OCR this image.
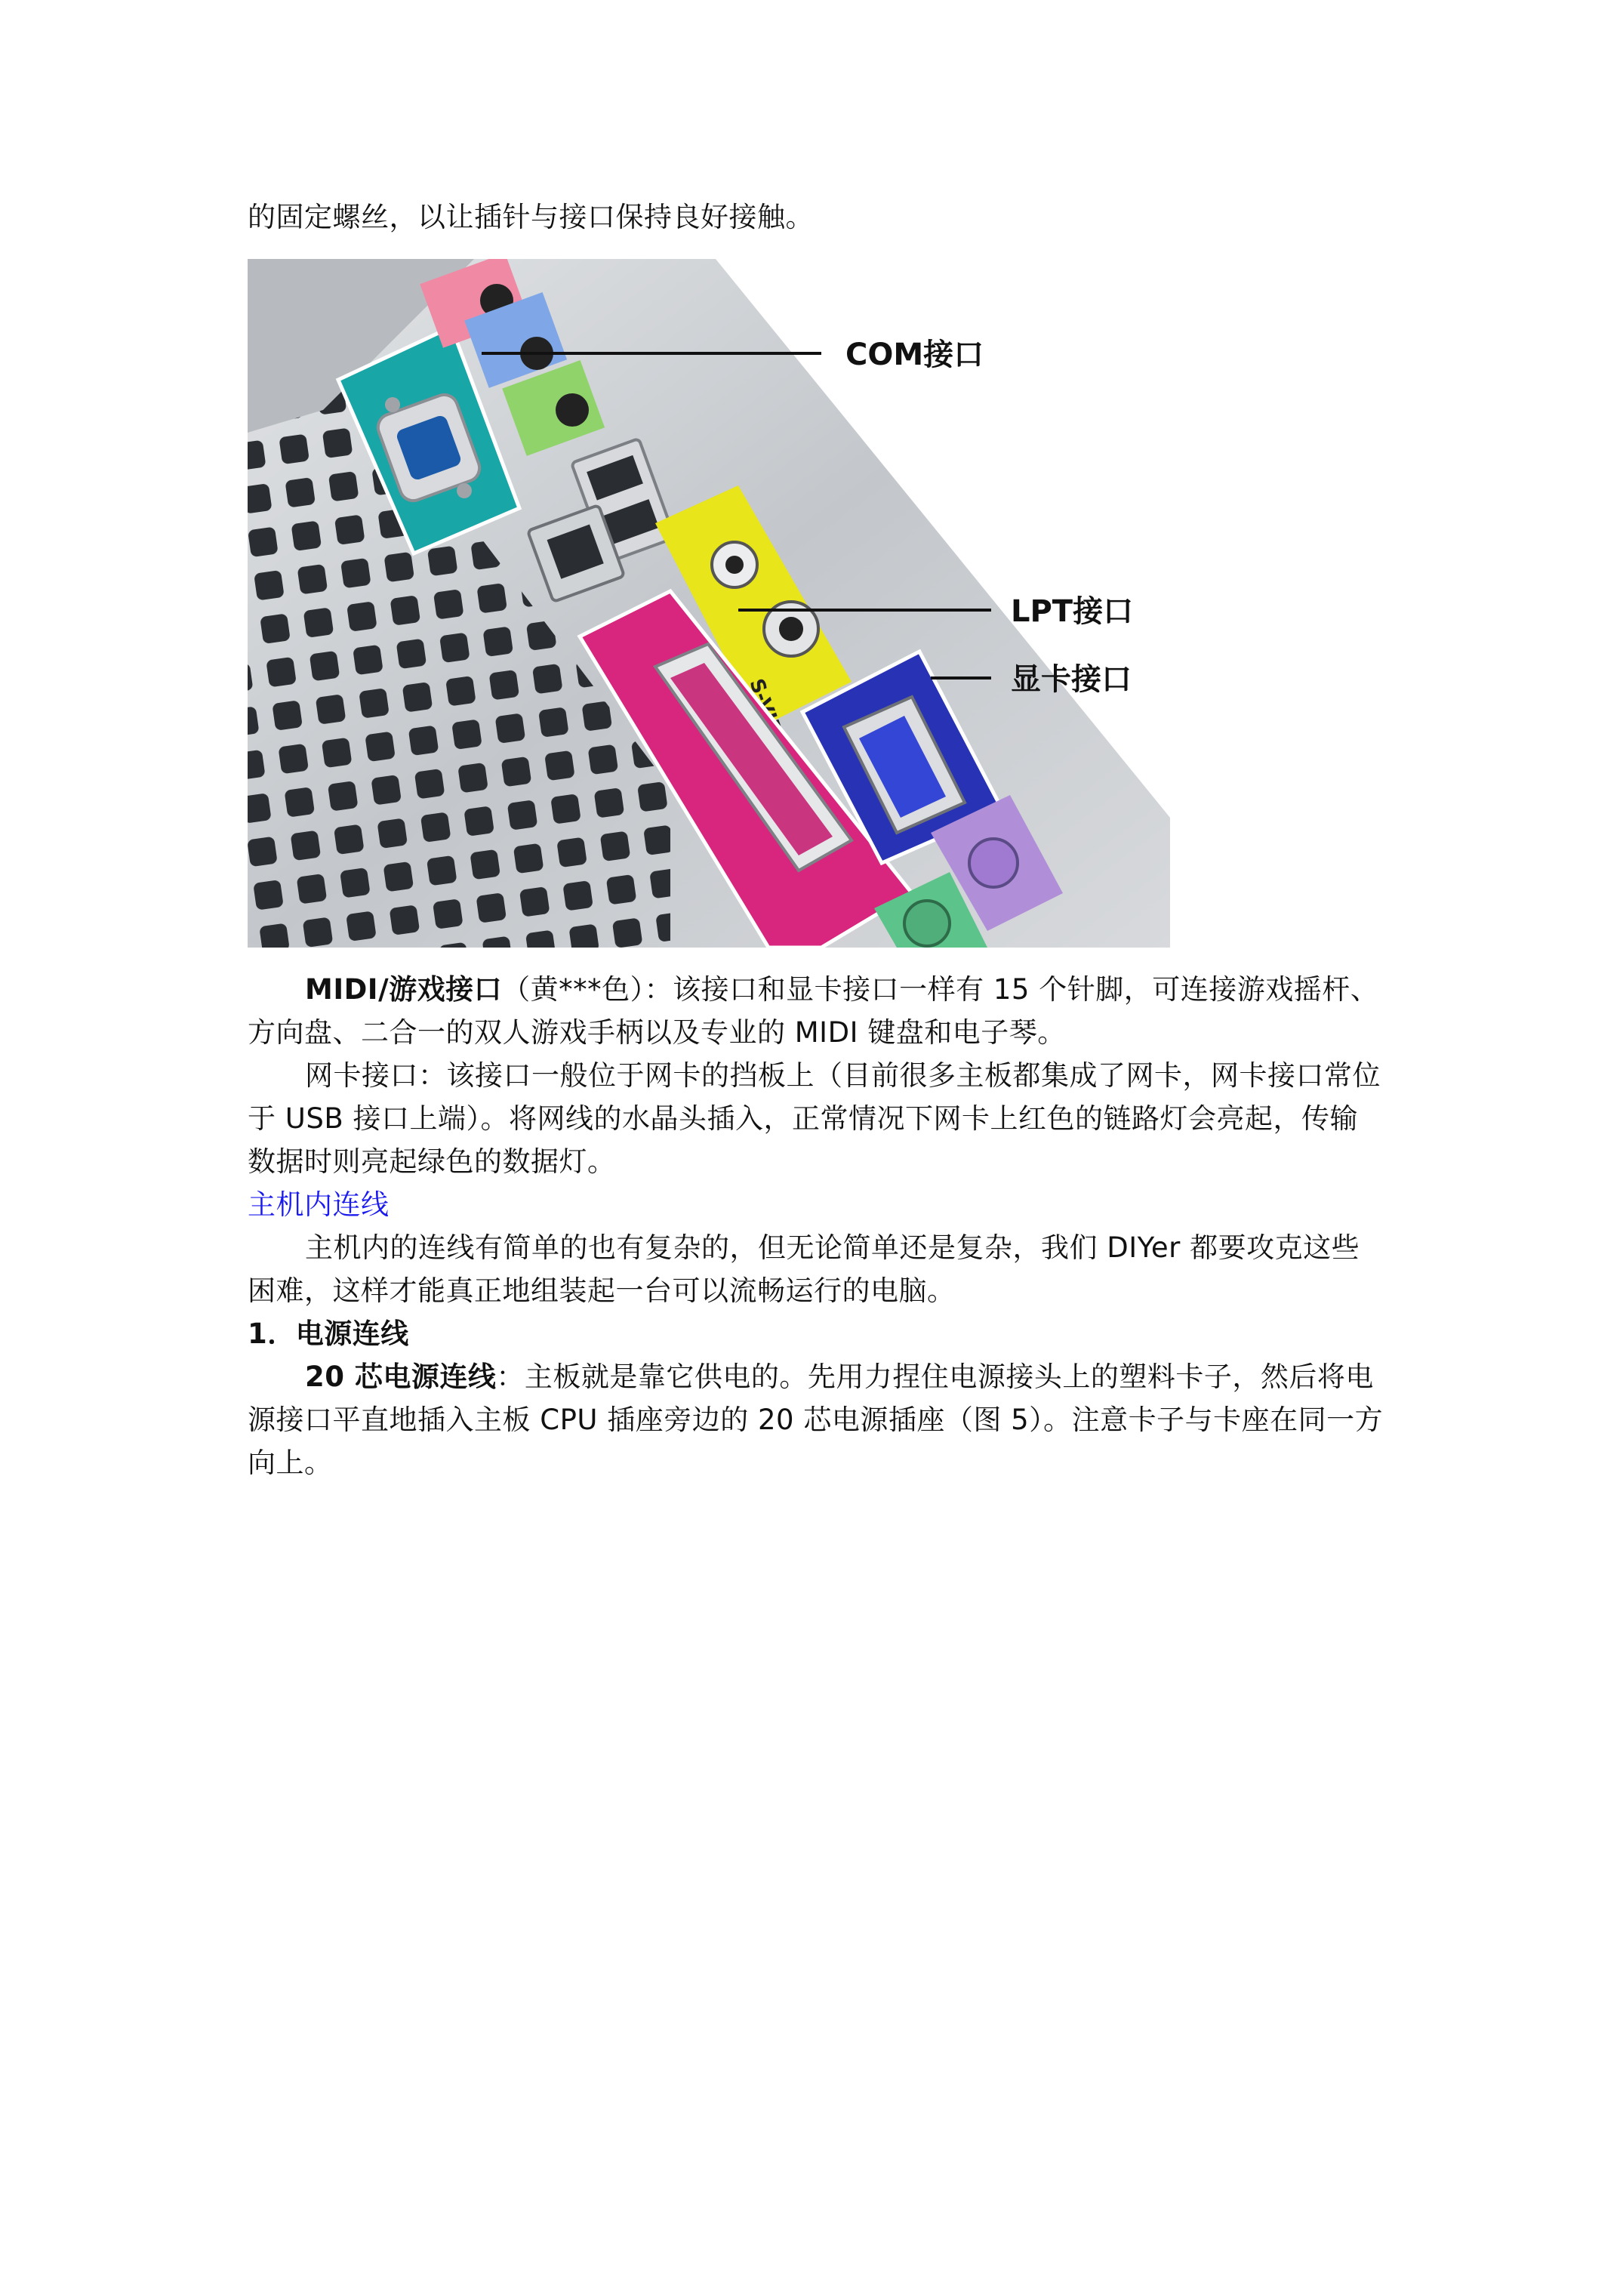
的固定螺丝，以让插针与接口保持良好接触。
COM接口
LPT接口
显卡接口
MIDI/游戏接口（黄***色）：该接口和显卡接口一样有 15 个针脚，可连接游戏摇杆、
方向盘、二合一的双人游戏手柄以及专业的 MIDI 键盘和电子琴。
网卡接口：该接口一般位于网卡的挡板上（目前很多主板都集成了网卡，网卡接口常位
于 USB 接口上端）。将网线的水晶头插入，正常情况下网卡上红色的链路灯会亮起，传输
数据时则亮起绿色的数据灯。
主机内连线
主机内的连线有简单的也有复杂的，但无论简单还是复杂，我们 DIYer 都要攻克这些
困难，这样才能真正地组装起一台可以流畅运行的电脑。
1．电源连线
20 芯电源连线：主板就是靠它供电的。先用力捏住电源接头上的塑料卡子，然后将电
源接口平直地插入主板 CPU 插座旁边的 20 芯电源插座（图 5）。注意卡子与卡座在同一方
向上。
